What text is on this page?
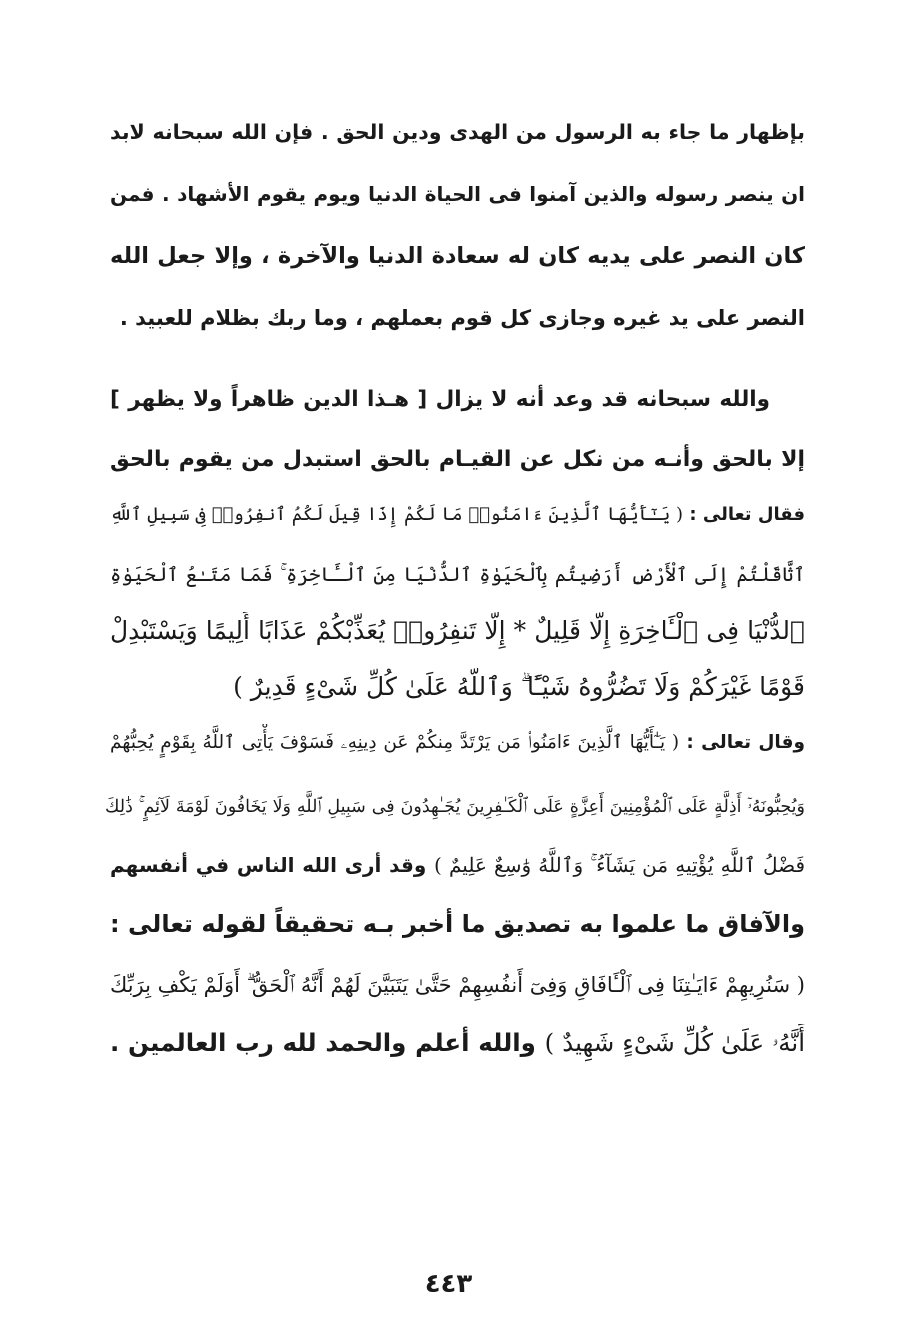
بإظهار ما جاء به الرسول من الهدى ودين الحق . فإن الله سبحانه لابد
ان ينصر رسوله والذين آمنوا فى الحياة الدنيا ويوم يقوم الأشهاد . فمن
كان النصر على يديه كان له سعادة الدنيا والآخرة ، وإلا جعل الله
النصر على يد غيره وجازى كل قوم بعملهم ، وما ربك بظلام للعبيد .
والله سبحانه قد وعد أنه لا يزال [ هـذا الدين ظاهراً ولا يظهر ]
إلا بالحق وأنـه من نكل عن القيـام بالحق استبدل من يقوم بالحق
فقال تعالى : ( يَـٰٓأَيُّهَا ٱلَّذِينَ ءَامَنُوا۟ مَا لَكُمْ إِذَا قِيلَ لَكُمُ ٱنفِرُوا۟ فِى سَبِيلِ ٱللَّهِ
ٱثَّاقَلْتُمْ إِلَى ٱلْأَرْضِ أَرَضِيتُم بِٱلْحَيَوٰةِ ٱلدُّنْيَا مِنَ ٱلْـَٔاخِرَةِ ۚ فَمَا مَتَـٰعُ ٱلْحَيَوٰةِ
ٱلدُّنْيَا فِى ٱلْـَٔاخِرَةِ إِلَّا قَلِيلٌ * إِلَّا تَنفِرُوا۟ يُعَذِّبْكُمْ عَذَابًا أَلِيمًا وَيَسْتَبْدِلْ
قَوْمًا غَيْرَكُمْ وَلَا تَضُرُّوهُ شَيْـًٔا ۗ وَٱللَّهُ عَلَىٰ كُلِّ شَىْءٍ قَدِيرٌ )
وقال تعالى : ( يَـٰٓأَيُّهَا ٱلَّذِينَ ءَامَنُوا۟ مَن يَرْتَدَّ مِنكُمْ عَن دِينِهِۦ فَسَوْفَ يَأْتِى ٱللَّهُ بِقَوْمٍ يُحِبُّهُمْ
وَيُحِبُّونَهُۥٓ أَذِلَّةٍ عَلَى ٱلْمُؤْمِنِينَ أَعِزَّةٍ عَلَى ٱلْكَـٰفِرِينَ يُجَـٰهِدُونَ فِى سَبِيلِ ٱللَّهِ وَلَا يَخَافُونَ لَوْمَةَ لَآئِمٍ ۚ ذَٰلِكَ
فَضْلُ ٱللَّهِ يُؤْتِيهِ مَن يَشَآءُ ۚ وَٱللَّهُ وَٰسِعٌ عَلِيمٌ ) وقد أرى الله الناس في أنفسهم
والآفاق ما علموا به تصديق ما أخبر بـه تحقيقاً لقوله تعالى :
( سَنُرِيهِمْ ءَايَـٰتِنَا فِى ٱلْـَٔافَاقِ وَفِىٓ أَنفُسِهِمْ حَتَّىٰ يَتَبَيَّنَ لَهُمْ أَنَّهُ ٱلْحَقُّ ۗ أَوَلَمْ يَكْفِ بِرَبِّكَ
أَنَّهُۥ عَلَىٰ كُلِّ شَىْءٍ شَهِيدٌ ) والله أعلم والحمد لله رب العالمين .
٤٤٣
